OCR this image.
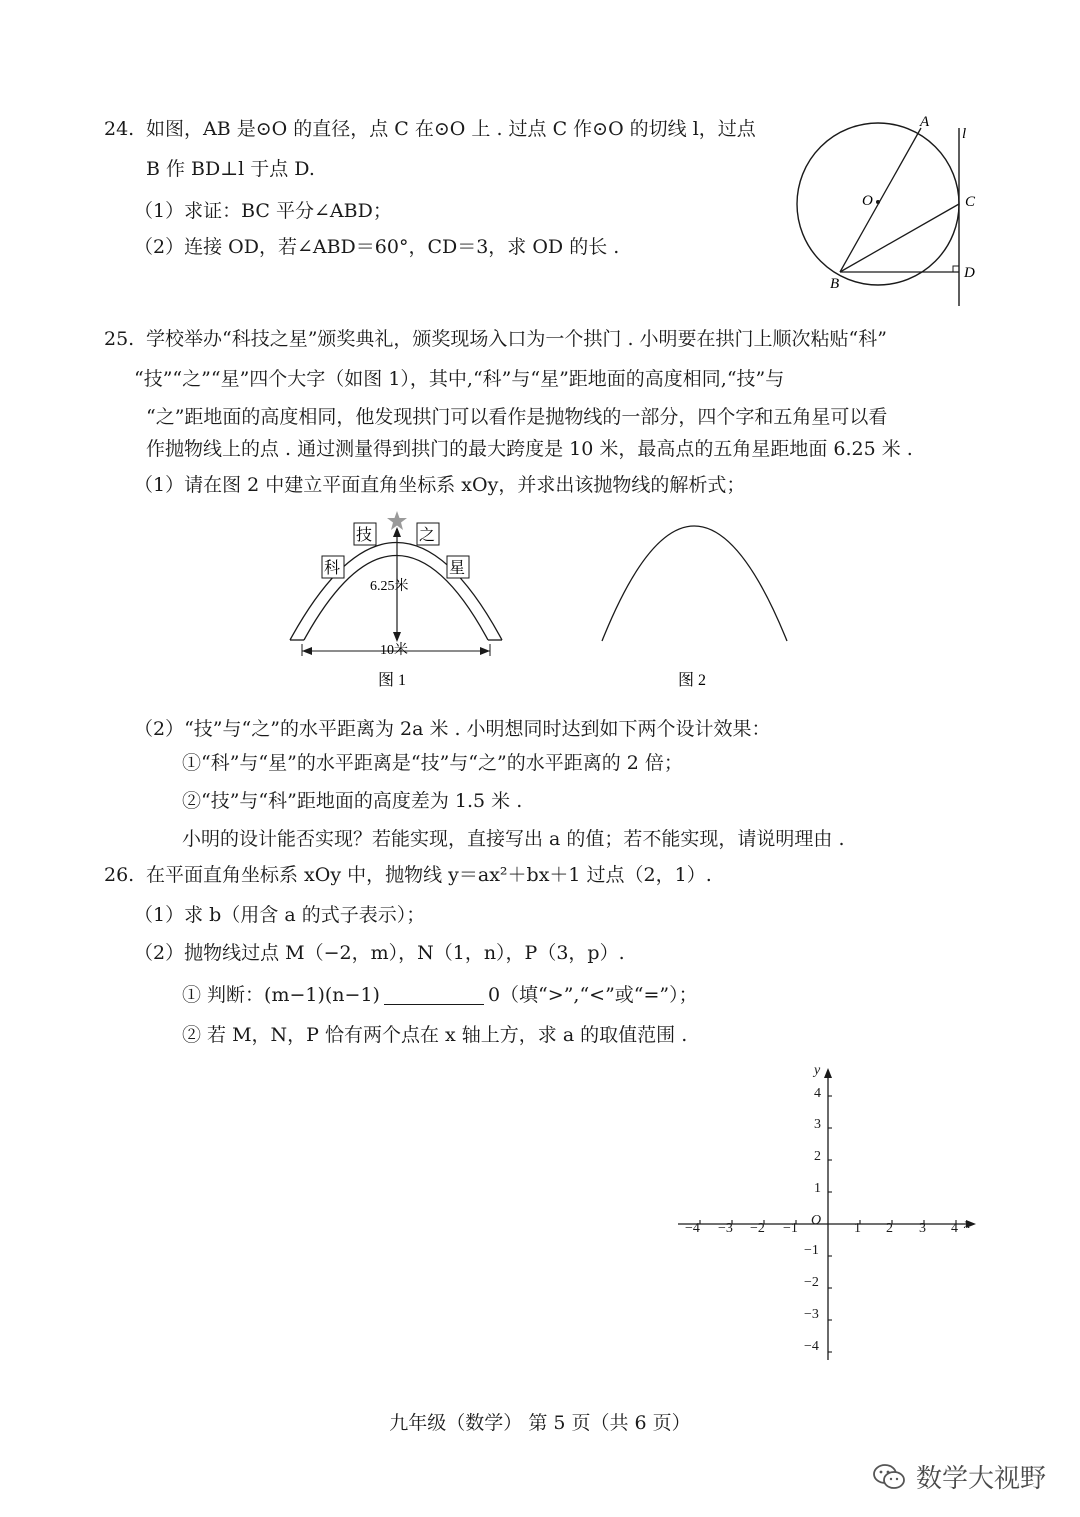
24. 如图，AB 是⊙O 的直径，点 C 在⊙O 上 . 过点 C 作⊙O 的切线 l，过点
B 作 BD⊥l 于点 D.
（1）求证：BC 平分∠ABD；
（2）连接 OD，若∠ABD＝60°，CD＝3，求 OD 的长 .
A
O	C
B
D
l
25. 学校举办“科技之星”颁奖典礼，颁奖现场入口为一个拱门 . 小明要在拱门上顺次粘贴“科”
“技”“之”“星”四个大字（如图 1），其中,“科”与“星”距地面的高度相同,“技”与
“之”距地面的高度相同，他发现拱门可以看作是抛物线的一部分，四个字和五角星可以看
作抛物线上的点 . 通过测量得到拱门的最大跨度是 10 米，最高点的五角星距地面 6.25 米 .
（1）请在图 2 中建立平面直角坐标系 xOy，并求出该抛物线的解析式；
科
技	之
星
6.25米
10米
图 1	图 2
（2）“技”与“之”的水平距离为 2a 米 . 小明想同时达到如下两个设计效果：
①“科”与“星”的水平距离是“技”与“之”的水平距离的 2 倍；
②“技”与“科”距地面的高度差为 1.5 米 .
小明的设计能否实现？若能实现，直接写出 a 的值；若不能实现，请说明理由 .
26. 在平面直角坐标系 xOy 中，抛物线 y＝ax²＋bx＋1 过点（2，1）.
（1）求 b（用含 a 的式子表示）；
（2）抛物线过点 M（−2，m），N（1，n），P（3，p）.
① 判断：(m−1)(n−1)	0（填“>”,“<”或“=”）；
② 若 M，N，P 恰有两个点在 x 轴上方，求 a 的取值范围 .
x
y
O
−4 −3 −2 −1	1 2 3 4
4
3
2
1
−1
−2
−3
−4
九年级（数学） 第 5 页（共 6 页）
数学大视野
